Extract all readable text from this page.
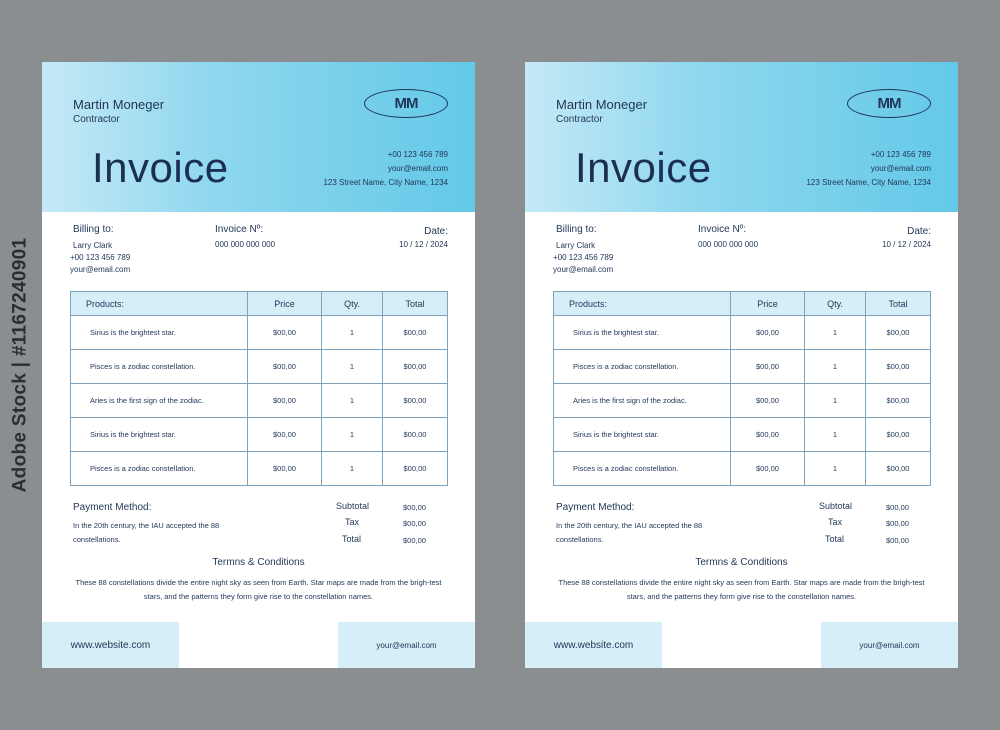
Adobe Stock | #1167240901
Martin Moneger
Contractor
MM
Invoice	+00 123 456 789
your@email.com
123 Street Name, City Name, 1234
Billing to:
Larry Clark
+00 123 456 789
your@email.com
Invoice Nº:
000 000 000 000
Date:
10 / 12 / 2024
Products:	Price	Qty.	Total
Sirius is the brightest star.	$00,00	1	$00,00
Pisces is a zodiac constellation.	$00,00	1	$00,00
Aries is the first sign of the zodiac.	$00,00	1	$00,00
Sirius is the brightest star.	$00,00	1	$00,00
Pisces is a zodiac constellation.	$00,00	1	$00,00
Payment Method:
In the 20th century, the IAU accepted the 88 constellations.
Subtotal	$00,00
Tax	$00,00
Total	$00,00
Termns & Conditions
These 88 constellations divide the entire night sky as seen from Earth. Star maps are made from the brigh-test stars, and the patterns they form give rise to the constellation names.
www.website.com	your@email.com
Martin Moneger
Contractor
MM
Invoice	+00 123 456 789
your@email.com
123 Street Name, City Name, 1234
Billing to:
Larry Clark
+00 123 456 789
your@email.com
Invoice Nº:
000 000 000 000
Date:
10 / 12 / 2024
Products:	Price	Qty.	Total
Sirius is the brightest star.	$00,00	1	$00,00
Pisces is a zodiac constellation.	$00,00	1	$00,00
Aries is the first sign of the zodiac.	$00,00	1	$00,00
Sirius is the brightest star.	$00,00	1	$00,00
Pisces is a zodiac constellation.	$00,00	1	$00,00
Payment Method:
In the 20th century, the IAU accepted the 88 constellations.
Subtotal	$00,00
Tax	$00,00
Total	$00,00
Termns & Conditions
These 88 constellations divide the entire night sky as seen from Earth. Star maps are made from the brigh-test stars, and the patterns they form give rise to the constellation names.
www.website.com	your@email.com
